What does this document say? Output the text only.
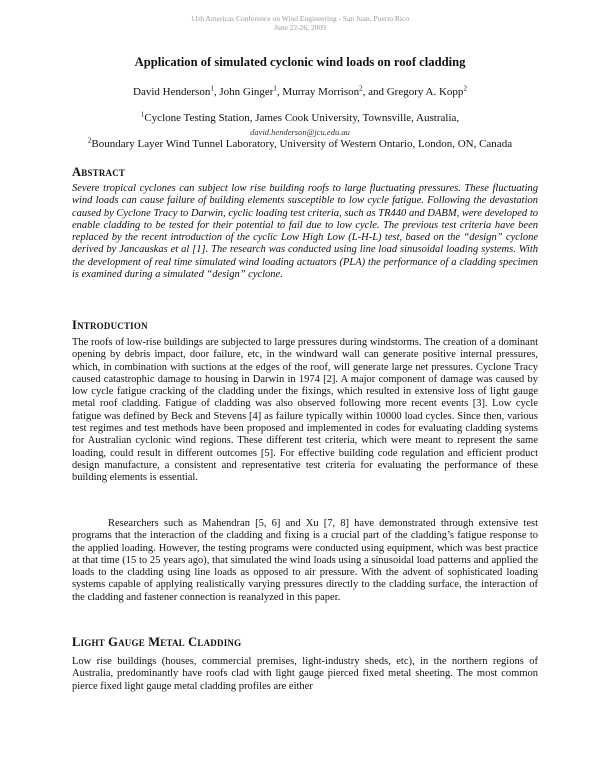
11th Americas Conference on Wind Engineering - San Juan, Puerto Rico
June 22-26, 2009
Application of simulated cyclonic wind loads on roof cladding
David Henderson$^1$, John Ginger$^1$, Murray Morrison$^2$, and Gregory A. Kopp$^2$
$^1$Cyclone Testing Station, James Cook University, Townsville, Australia,
david.henderson@jcu.edu.au
$^2$Boundary Layer Wind Tunnel Laboratory, University of Western Ontario, London, ON, Canada
Abstract
Severe tropical cyclones can subject low rise building roofs to large fluctuating pressures. These fluctuating wind loads can cause failure of building elements susceptible to low cycle fatigue. Following the devastation caused by Cyclone Tracy to Darwin, cyclic loading test criteria, such as TR440 and DABM, were developed to enable cladding to be tested for their potential to fail due to low cycle. The previous test criteria have been replaced by the recent introduction of the cyclic Low High Low (L-H-L) test, based on the “design” cyclone derived by Jancauskas et al [1]. The research was conducted using line load sinusoidal loading systems. With the development of real time simulated wind loading actuators (PLA) the performance of a cladding specimen is examined during a simulated “design” cyclone.
Introduction
The roofs of low-rise buildings are subjected to large pressures during windstorms. The creation of a dominant opening by debris impact, door failure, etc, in the windward wall can generate positive internal pressures, which, in combination with suctions at the edges of the roof, will generate large net pressures. Cyclone Tracy caused catastrophic damage to housing in Darwin in 1974 [2]. A major component of damage was caused by low cycle fatigue cracking of the cladding under the fixings, which resulted in extensive loss of light gauge metal roof cladding. Fatigue of cladding was also observed following more recent events [3]. Low cycle fatigue was defined by Beck and Stevens [4] as failure typically within 10000 load cycles. Since then, various test regimes and test methods have been proposed and implemented in codes for evaluating cladding systems for Australian cyclonic wind regions. These different test criteria, which were meant to represent the same loading, could result in different outcomes [5]. For effective building code regulation and efficient product design manufacture, a consistent and representative test criteria for evaluating the performance of these building elements is essential.
Researchers such as Mahendran [5, 6] and Xu [7, 8] have demonstrated through extensive test programs that the interaction of the cladding and fixing is a crucial part of the cladding’s fatigue response to the applied loading. However, the testing programs were conducted using equipment, which was best practice at that time (15 to 25 years ago), that simulated the wind loads using a sinusoidal load patterns and applied the loads to the cladding using line loads as opposed to air pressure. With the advent of sophisticated loading systems capable of applying realistically varying pressures directly to the cladding surface, the interaction of the cladding and fastener connection is reanalyzed in this paper.
Light Gauge Metal Cladding
Low rise buildings (houses, commercial premises, light-industry sheds, etc), in the northern regions of Australia, predominantly have roofs clad with light gauge pierced fixed metal sheeting. The most common pierce fixed light gauge metal cladding profiles are either
